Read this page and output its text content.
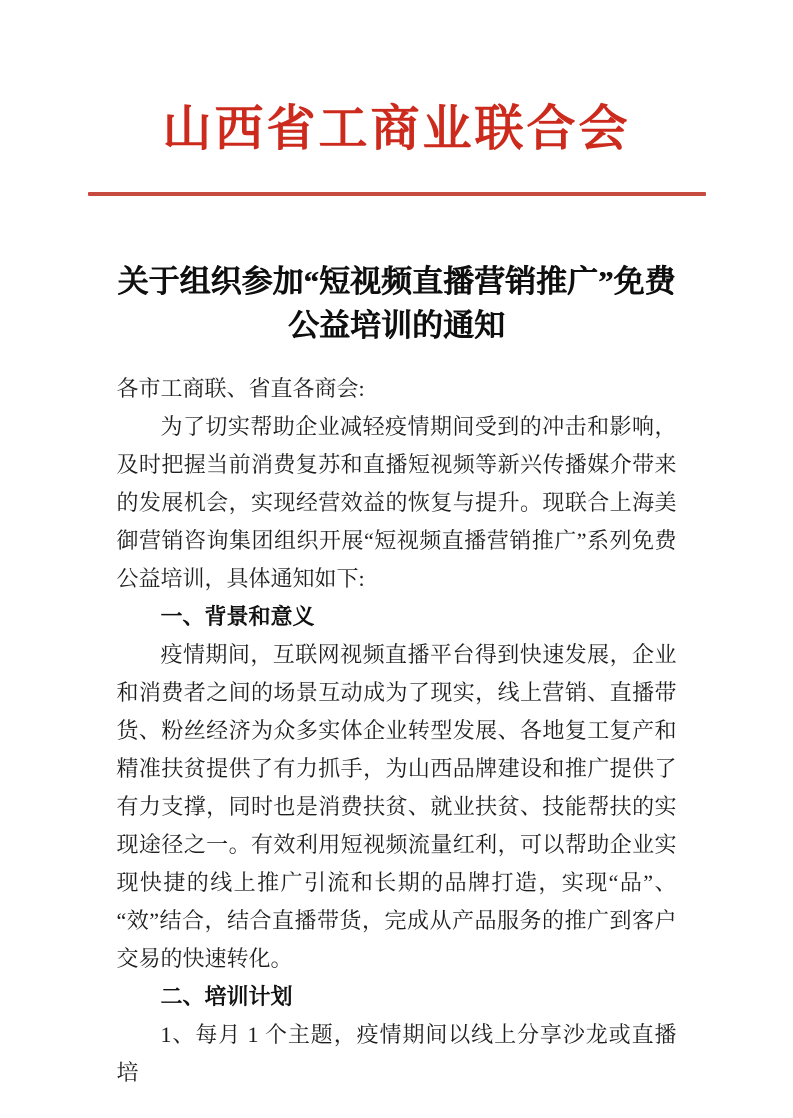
山西省工商业联合会
关于组织参加“短视频直播营销推广”免费
公益培训的通知

各市工商联、省直各商会:

为了切实帮助企业减轻疫情期间受到的冲击和影响，及时把握当前消费复苏和直播短视频等新兴传播媒介带来的发展机会，实现经营效益的恢复与提升。现联合上海美御营销咨询集团组织开展“短视频直播营销推广”系列免费公益培训，具体通知如下:

一、背景和意义

疫情期间，互联网视频直播平台得到快速发展，企业和消费者之间的场景互动成为了现实，线上营销、直播带货、粉丝经济为众多实体企业转型发展、各地复工复产和精准扶贫提供了有力抓手，为山西品牌建设和推广提供了有力支撑，同时也是消费扶贫、就业扶贫、技能帮扶的实现途径之一。有效利用短视频流量红利，可以帮助企业实现快捷的线上推广引流和长期的品牌打造，实现“品”、“效”结合，结合直播带货，完成从产品服务的推广到客户交易的快速转化。

二、培训计划

1、每月 1 个主题，疫情期间以线上分享沙龙或直播培
